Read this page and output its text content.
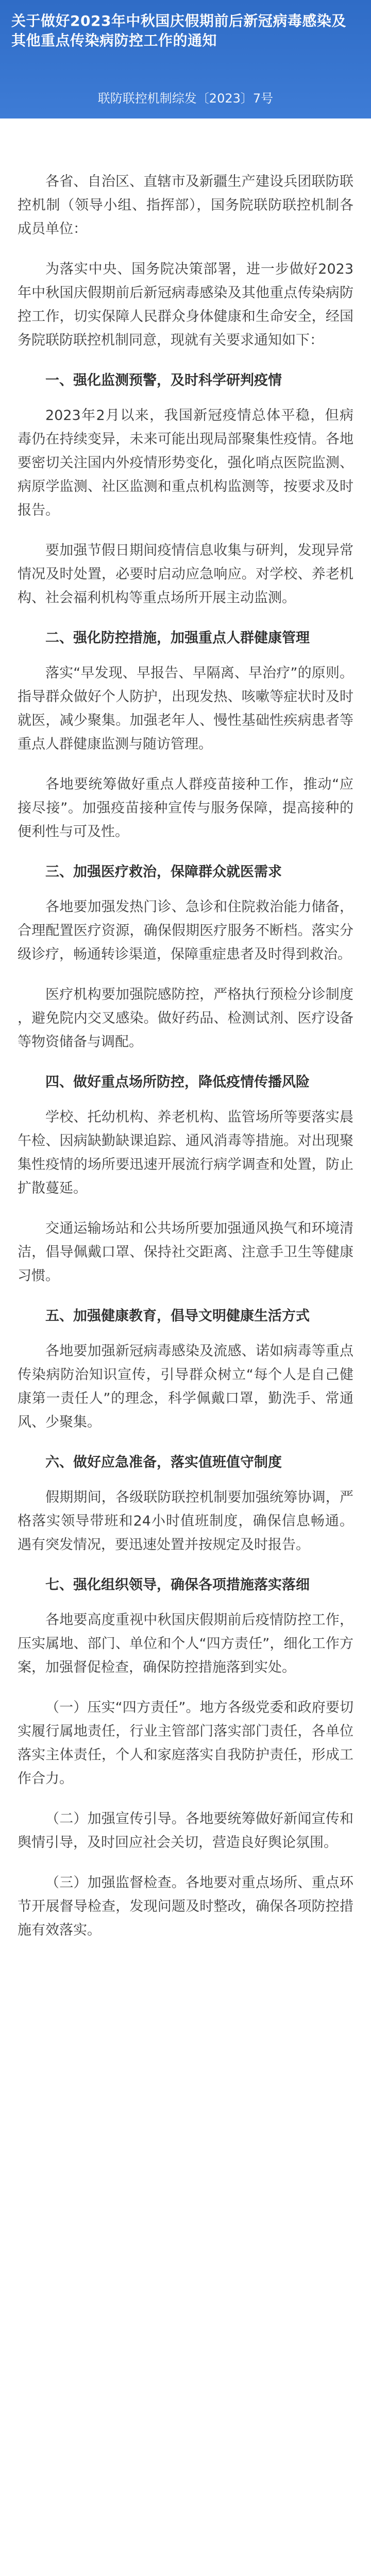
关于做好2023年中秋国庆假期前后新冠病毒感染及其他重点传染病防控工作的通知
联防联控机制综发〔2023〕7号
各省、自治区、直辖市及新疆生产建设兵团联防联控机制（领导小组、指挥部），国务院联防联控机制各成员单位：
为落实中央、国务院决策部署，进一步做好2023年中秋国庆假期前后新冠病毒感染及其他重点传染病防控工作，切实保障人民群众身体健康和生命安全，经国务院联防联控机制同意，现就有关要求通知如下：
一、强化监测预警，及时科学研判疫情
2023年2月以来，我国新冠疫情总体平稳，但病毒仍在持续变异，未来可能出现局部聚集性疫情。各地要密切关注国内外疫情形势变化，强化哨点医院监测、病原学监测、社区监测和重点机构监测等，按要求及时报告。
要加强节假日期间疫情信息收集与研判，发现异常情况及时处置，必要时启动应急响应。对学校、养老机构、社会福利机构等重点场所开展主动监测。
二、强化防控措施，加强重点人群健康管理
落实“早发现、早报告、早隔离、早治疗”的原则。指导群众做好个人防护，出现发热、咳嗽等症状时及时就医，减少聚集。加强老年人、慢性基础性疾病患者等重点人群健康监测与随访管理。
各地要统筹做好重点人群疫苗接种工作，推动“应接尽接”。加强疫苗接种宣传与服务保障，提高接种的便利性与可及性。
三、加强医疗救治，保障群众就医需求
各地要加强发热门诊、急诊和住院救治能力储备，合理配置医疗资源，确保假期医疗服务不断档。落实分级诊疗，畅通转诊渠道，保障重症患者及时得到救治。
医疗机构要加强院感防控，严格执行预检分诊制度，避免院内交叉感染。做好药品、检测试剂、医疗设备等物资储备与调配。
四、做好重点场所防控，降低疫情传播风险
学校、托幼机构、养老机构、监管场所等要落实晨午检、因病缺勤缺课追踪、通风消毒等措施。对出现聚集性疫情的场所要迅速开展流行病学调查和处置，防止扩散蔓延。
交通运输场站和公共场所要加强通风换气和环境清洁，倡导佩戴口罩、保持社交距离、注意手卫生等健康习惯。
五、加强健康教育，倡导文明健康生活方式
各地要加强新冠病毒感染及流感、诺如病毒等重点传染病防治知识宣传，引导群众树立“每个人是自己健康第一责任人”的理念，科学佩戴口罩，勤洗手、常通风、少聚集。
六、做好应急准备，落实值班值守制度
假期期间，各级联防联控机制要加强统筹协调，严格落实领导带班和24小时值班制度，确保信息畅通。遇有突发情况，要迅速处置并按规定及时报告。
七、强化组织领导，确保各项措施落实落细
各地要高度重视中秋国庆假期前后疫情防控工作，压实属地、部门、单位和个人“四方责任”，细化工作方案，加强督促检查，确保防控措施落到实处。
（一）压实“四方责任”。地方各级党委和政府要切实履行属地责任，行业主管部门落实部门责任，各单位落实主体责任，个人和家庭落实自我防护责任，形成工作合力。
（二）加强宣传引导。各地要统筹做好新闻宣传和舆情引导，及时回应社会关切，营造良好舆论氛围。
（三）加强监督检查。各地要对重点场所、重点环节开展督导检查，发现问题及时整改，确保各项防控措施有效落实。
